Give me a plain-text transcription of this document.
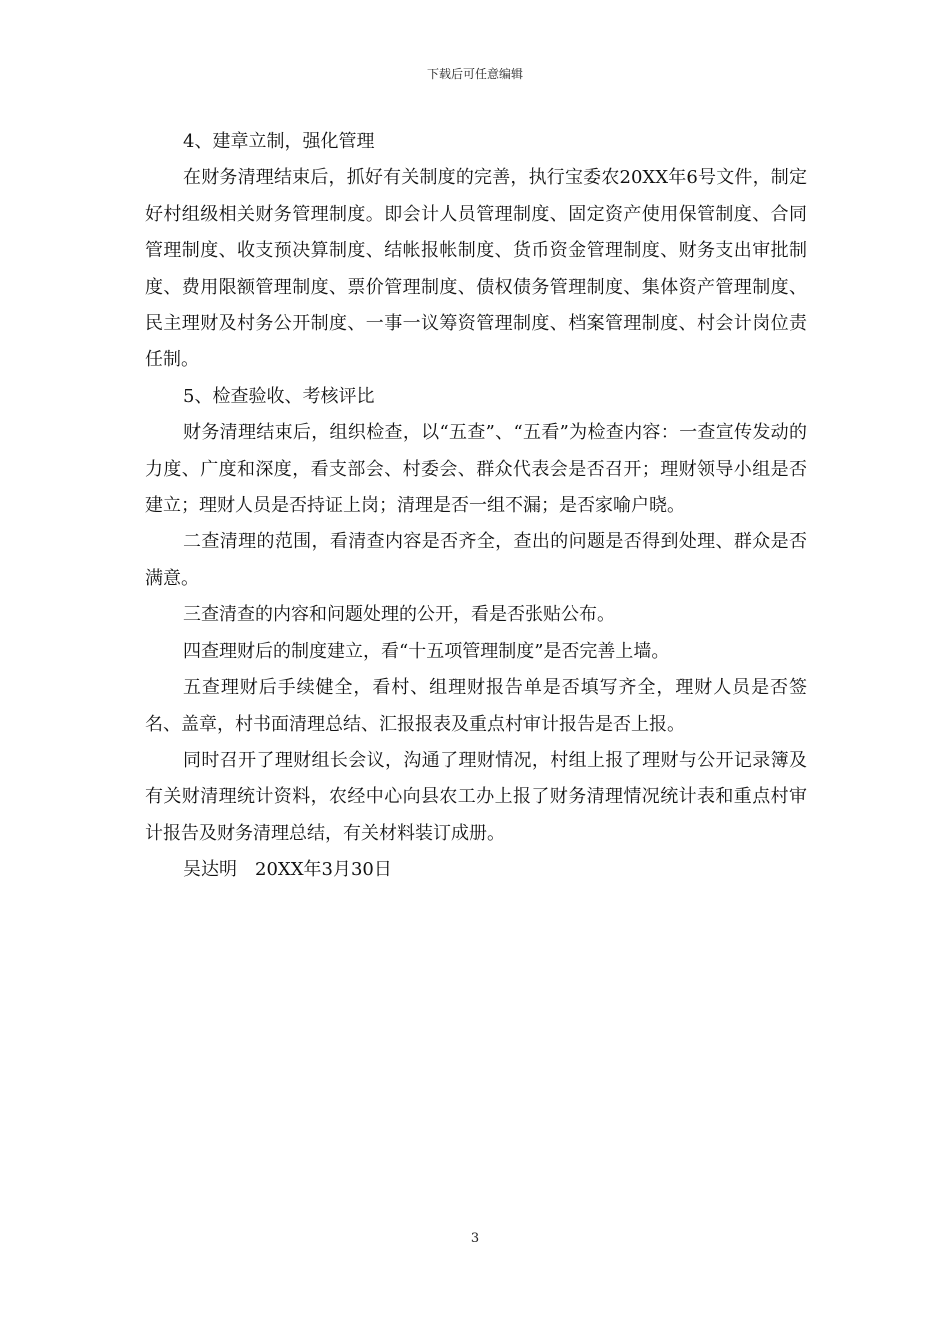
下载后可任意编辑

4、建章立制，强化管理

在财务清理结束后，抓好有关制度的完善，执行宝委农20XX年6号文件，制定好村组级相关财务管理制度。即会计人员管理制度、固定资产使用保管制度、合同管理制度、收支预决算制度、结帐报帐制度、货币资金管理制度、财务支出审批制度、费用限额管理制度、票价管理制度、债权债务管理制度、集体资产管理制度、民主理财及村务公开制度、一事一议筹资管理制度、档案管理制度、村会计岗位责任制。

5、检查验收、考核评比

财务清理结束后，组织检查，以“五查”、“五看”为检查内容：一查宣传发动的力度、广度和深度，看支部会、村委会、群众代表会是否召开；理财领导小组是否建立；理财人员是否持证上岗；清理是否一组不漏；是否家喻户晓。

二查清理的范围，看清查内容是否齐全，查出的问题是否得到处理、群众是否满意。

三查清查的内容和问题处理的公开，看是否张贴公布。

四查理财后的制度建立，看“十五项管理制度”是否完善上墙。

五查理财后手续健全，看村、组理财报告单是否填写齐全，理财人员是否签名、盖章，村书面清理总结、汇报报表及重点村审计报告是否上报。

同时召开了理财组长会议，沟通了理财情况，村组上报了理财与公开记录簿及有关财清理统计资料，农经中心向县农工办上报了财务清理情况统计表和重点村审计报告及财务清理总结，有关材料装订成册。

吴达明　20XX年3月30日

3
